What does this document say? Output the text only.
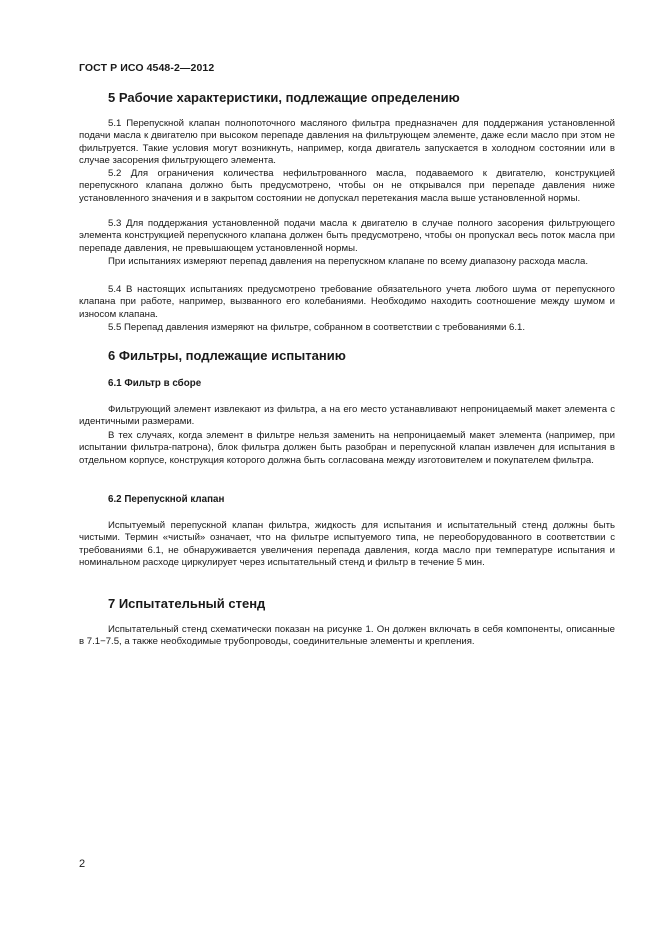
ГОСТ Р ИСО 4548-2—2012
5 Рабочие характеристики, подлежащие определению

5.1 Перепускной клапан полнопоточного масляного фильтра предназначен для поддержания установленной подачи масла к двигателю при высоком перепаде давления на фильтрующем элементе, даже если масло при этом не фильтруется. Такие условия могут возникнуть, например, когда двигатель запускается в холодном состоянии или в случае засорения фильтрующего элемента.

5.2 Для ограничения количества нефильтрованного масла, подаваемого к двигателю, конструкцией перепускного клапана должно быть предусмотрено, чтобы он не открывался при перепаде давления ниже установленного значения и в закрытом состоянии не допускал перетекания масла выше установленной нормы.

5.3 Для поддержания установленной подачи масла к двигателю в случае полного засорения фильтрующего элемента конструкцией перепускного клапана должен быть предусмотрено, чтобы он пропускал весь поток масла при перепаде давления, не превышающем установленной нормы.

При испытаниях измеряют перепад давления на перепускном клапане по всему диапазону расхода масла.

5.4 В настоящих испытаниях предусмотрено требование обязательного учета любого шума от перепускного клапана при работе, например, вызванного его колебаниями. Необходимо находить соотношение между шумом и износом клапана.

5.5 Перепад давления измеряют на фильтре, собранном в соответствии с требованиями 6.1.

6 Фильтры, подлежащие испытанию
6.1 Фильтр в сборе

Фильтрующий элемент извлекают из фильтра, а на его место устанавливают непроницаемый макет элемента с идентичными размерами.

В тех случаях, когда элемент в фильтре нельзя заменить на непроницаемый макет элемента (например, при испытании фильтра-патрона), блок фильтра должен быть разобран и перепускной клапан извлечен для испытания в отдельном корпусе, конструкция которого должна быть согласована между изготовителем и покупателем фильтра.

6.2 Перепускной клапан

Испытуемый перепускной клапан фильтра, жидкость для испытания и испытательный стенд должны быть чистыми. Термин «чистый» означает, что на фильтре испытуемого типа, не переоборудованного в соответствии с требованиями 6.1, не обнаруживается увеличения перепада давления, когда масло при температуре испытания и номинальном расходе циркулирует через испытательный стенд и фильтр в течение 5 мин.

7 Испытательный стенд

Испытательный стенд схематически показан на рисунке 1. Он должен включать в себя компоненты, описанные в 7.1−7.5, а также необходимые трубопроводы, соединительные элементы и крепления.

2
